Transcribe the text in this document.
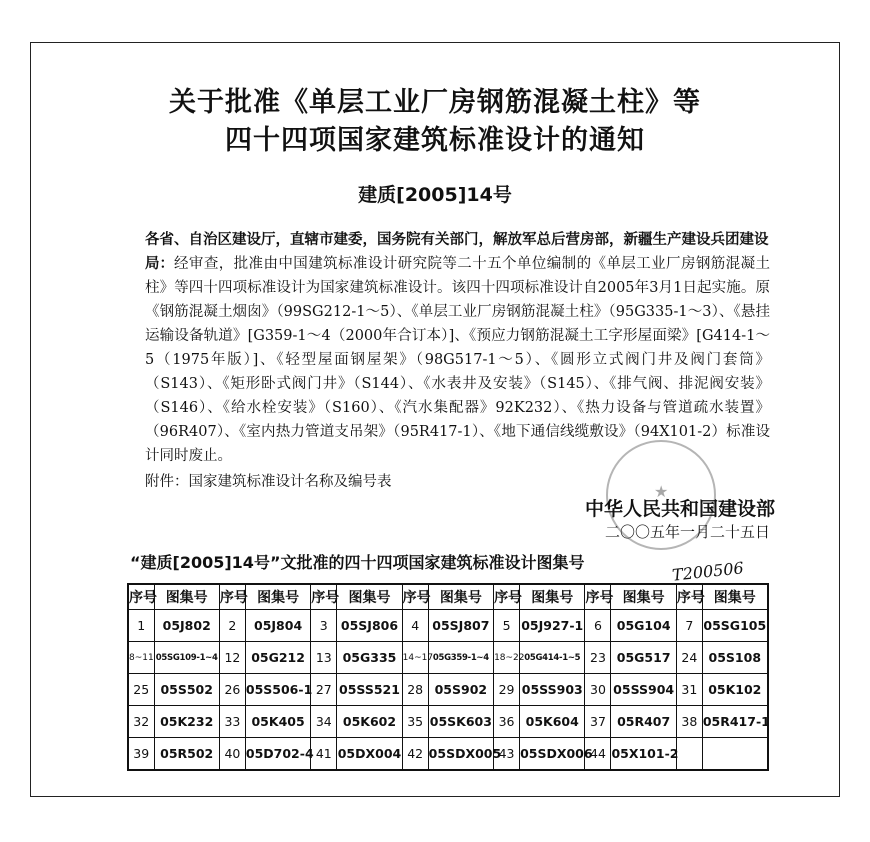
关于批准《单层工业厂房钢筋混凝土柱》等
四十四项国家建筑标准设计的通知
建质[2005]14号
各省、自治区建设厅，直辖市建委，国务院有关部门，解放军总后营房部，新疆生产建设兵团建设局： 经审查，批准由中国建筑标准设计研究院等二十五个单位编制的《单层工业厂房钢筋混凝土柱》等四十四项标准设计为国家建筑标准设计。该四十四项标准设计自2005年3月1日起实施。原《钢筋混凝土烟囱》（99SG212-1～5）、《单层工业厂房钢筋混凝土柱》（95G335-1～3）、《悬挂运输设备轨道》[G359-1～4（2000年合订本）]、《预应力钢筋混凝土工字形屋面梁》[G414-1～5（1975年版）]、《轻型屋面钢屋架》（98G517-1～5）、《圆形立式阀门井及阀门套筒》（S143）、《矩形卧式阀门井》（S144）、《水表井及安装》（S145）、《排气阀、排泥阀安装》（S146）、《给水栓安装》（S160）、《汽水集配器》92K232）、《热力设备与管道疏水装置》（96R407）、《室内热力管道支吊架》（95R417-1）、《地下通信线缆敷设》（94X101-2）标准设计同时废止。
附件：国家建筑标准设计名称及编号表	★
中华人民共和国建设部
二〇〇五年一月二十五日
T200506
“建质[2005]14号”文批准的四十四项国家建筑标准设计图集号
序号	图集号	序号	图集号	序号	图集号	序号	图集号	序号	图集号	序号	图集号	序号	图集号
1	05J802	2	05J804	3	05SJ806	4	05SJ807	5	05J927-1	6	05G104	7	05SG105
8~11	05SG109-1~4	12	05G212	13	05G335	14~17	05G359-1~4	18~22	05G414-1~5	23	05G517	24	05S108
25	05S502	26	05S506-1	27	05SS521	28	05S902	29	05SS903	30	05SS904	31	05K102
32	05K232	33	05K405	34	05K602	35	05SK603	36	05K604	37	05R407	38	05R417-1
39	05R502	40	05D702-4	41	05DX004	42	05SDX005	43	05SDX006	44	05X101-2		
